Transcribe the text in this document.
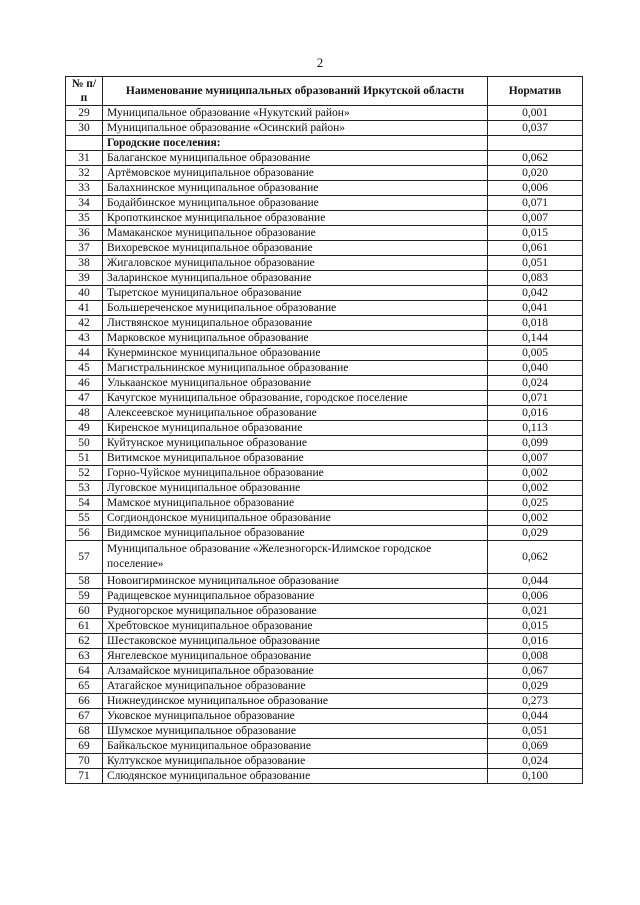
2
№ п/п	Наименование муниципальных образований Иркутской области	Норматив
29	Муниципальное образование «Нукутский район»	0,001
30	Муниципальное образование «Осинский район»	0,037
	Городские поселения:	
31	Балаганское муниципальное образование	0,062
32	Артёмовское муниципальное образование	0,020
33	Балахнинское муниципальное образование	0,006
34	Бодайбинское муниципальное образование	0,071
35	Кропоткинское муниципальное образование	0,007
36	Мамаканское муниципальное образование	0,015
37	Вихоревское муниципальное образование	0,061
38	Жигаловское муниципальное образование	0,051
39	Заларинское муниципальное образование	0,083
40	Тыретское муниципальное образование	0,042
41	Большереченское муниципальное образование	0,041
42	Листвянское муниципальное образование	0,018
43	Марковское муниципальное образование	0,144
44	Кунерминское муниципальное образование	0,005
45	Магистральнинское муниципальное образование	0,040
46	Улькаанское муниципальное образование	0,024
47	Качугское муниципальное образование, городское поселение	0,071
48	Алексеевское муниципальное образование	0,016
49	Киренское муниципальное образование	0,113
50	Куйтунское муниципальное образование	0,099
51	Витимское муниципальное образование	0,007
52	Горно-Чуйское муниципальное образование	0,002
53	Луговское муниципальное образование	0,002
54	Мамское муниципальное образование	0,025
55	Согдиондонское муниципальное образование	0,002
56	Видимское муниципальное образование	0,029
57	Муниципальное образование «Железногорск-Илимское городское поселение»	0,062
58	Новоигирминское муниципальное образование	0,044
59	Радищевское муниципальное образование	0,006
60	Рудногорское муниципальное образование	0,021
61	Хребтовское муниципальное образование	0,015
62	Шестаковское муниципальное образование	0,016
63	Янгелевское муниципальное образование	0,008
64	Алзамайское муниципальное образование	0,067
65	Атагайское муниципальное образование	0,029
66	Нижнеудинское муниципальное образование	0,273
67	Уковское муниципальное образование	0,044
68	Шумское муниципальное образование	0,051
69	Байкальское муниципальное образование	0,069
70	Култукское муниципальное образование	0,024
71	Слюдянское муниципальное образование	0,100
